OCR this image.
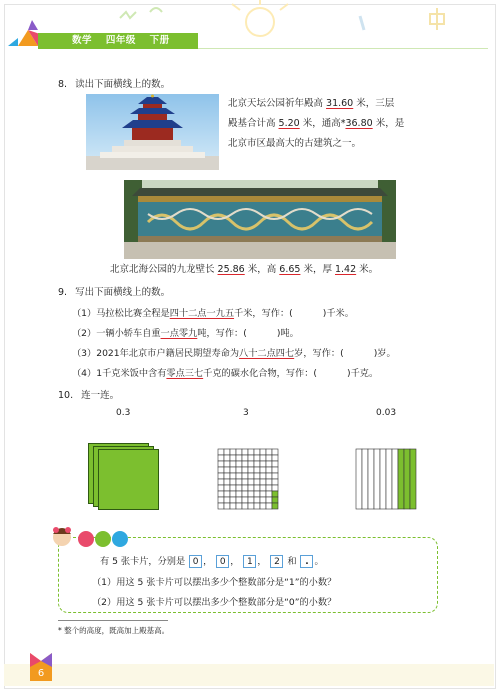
数学 四年级 下册
8. 读出下面横线上的数。
北京天坛公园祈年殿高 31.60 米，三层
殿基合计高 5.20 米，通高*36.80 米，是
北京市区最高大的古建筑之一。
北京北海公园的九龙壁长 25.86 米，高 6.65 米，厚 1.42 米。
9. 写出下面横线上的数。
（1）马拉松比赛全程是四十二点一九五千米，写作：(	)千米。
（2）一辆小轿车自重一点零九吨，写作：(	)吨。
（3）2021年北京市户籍居民期望寿命为八十二点四七岁，写作：(	)岁。
（4）1千克米饭中含有零点三七千克的碳水化合物，写作：(	)千克。
10. 连一连。
0.3	3	0.03
有 5 张卡片，分别是 0 ， 0 ， 1 ， 2 和 . 。
（1）用这 5 张卡片可以摆出多少个整数部分是“1”的小数？
（2）用这 5 张卡片可以摆出多少个整数部分是“0”的小数？
* 整个的高度，既高加上殿基高。
6
